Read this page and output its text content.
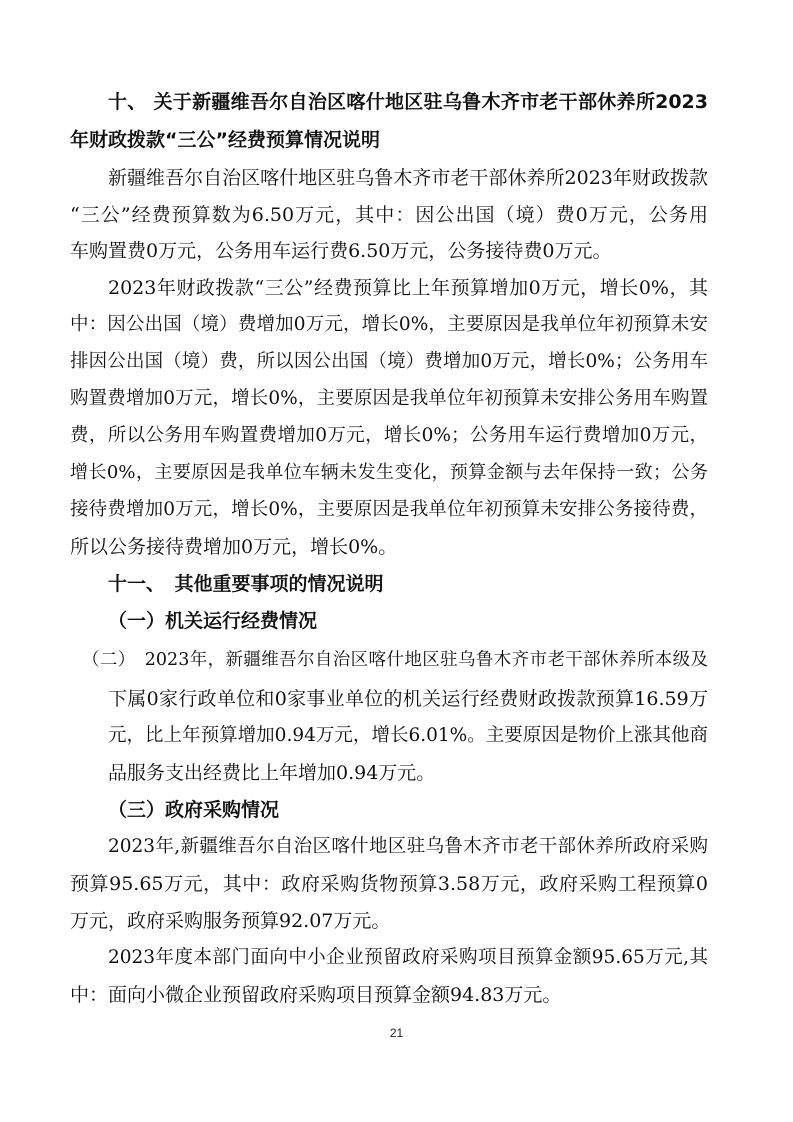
十、 关于新疆维吾尔自治区喀什地区驻乌鲁木齐市老干部休养所2023
年财政拨款“三公”经费预算情况说明
新疆维吾尔自治区喀什地区驻乌鲁木齐市老干部休养所2023年财政拨款
“三公”经费预算数为6.50万元，其中：因公出国（境）费0万元，公务用
车购置费0万元，公务用车运行费6.50万元，公务接待费0万元。
2023年财政拨款“三公”经费预算比上年预算增加0万元，增长0%，其
中：因公出国（境）费增加0万元，增长0%，主要原因是我单位年初预算未安
排因公出国（境）费，所以因公出国（境）费增加0万元，增长0%；公务用车
购置费增加0万元，增长0%，主要原因是我单位年初预算未安排公务用车购置
费，所以公务用车购置费增加0万元，增长0%；公务用车运行费增加0万元，
增长0%，主要原因是我单位车辆未发生变化，预算金额与去年保持一致；公务
接待费增加0万元，增长0%，主要原因是我单位年初预算未安排公务接待费，
所以公务接待费增加0万元，增长0%。
十一、　其他重要事项的情况说明
（一）机关运行经费情况
（二）　2023年，新疆维吾尔自治区喀什地区驻乌鲁木齐市老干部休养所本级及
下属0家行政单位和0家事业单位的机关运行经费财政拨款预算16.59万
元，比上年预算增加0.94万元，增长6.01%。主要原因是物价上涨其他商
品服务支出经费比上年增加0.94万元。
（三）政府采购情况
2023年,新疆维吾尔自治区喀什地区驻乌鲁木齐市老干部休养所政府采购
预算95.65万元，其中：政府采购货物预算3.58万元，政府采购工程预算0
万元，政府采购服务预算92.07万元。
2023年度本部门面向中小企业预留政府采购项目预算金额95.65万元,其
中：面向小微企业预留政府采购项目预算金额94.83万元。
21
